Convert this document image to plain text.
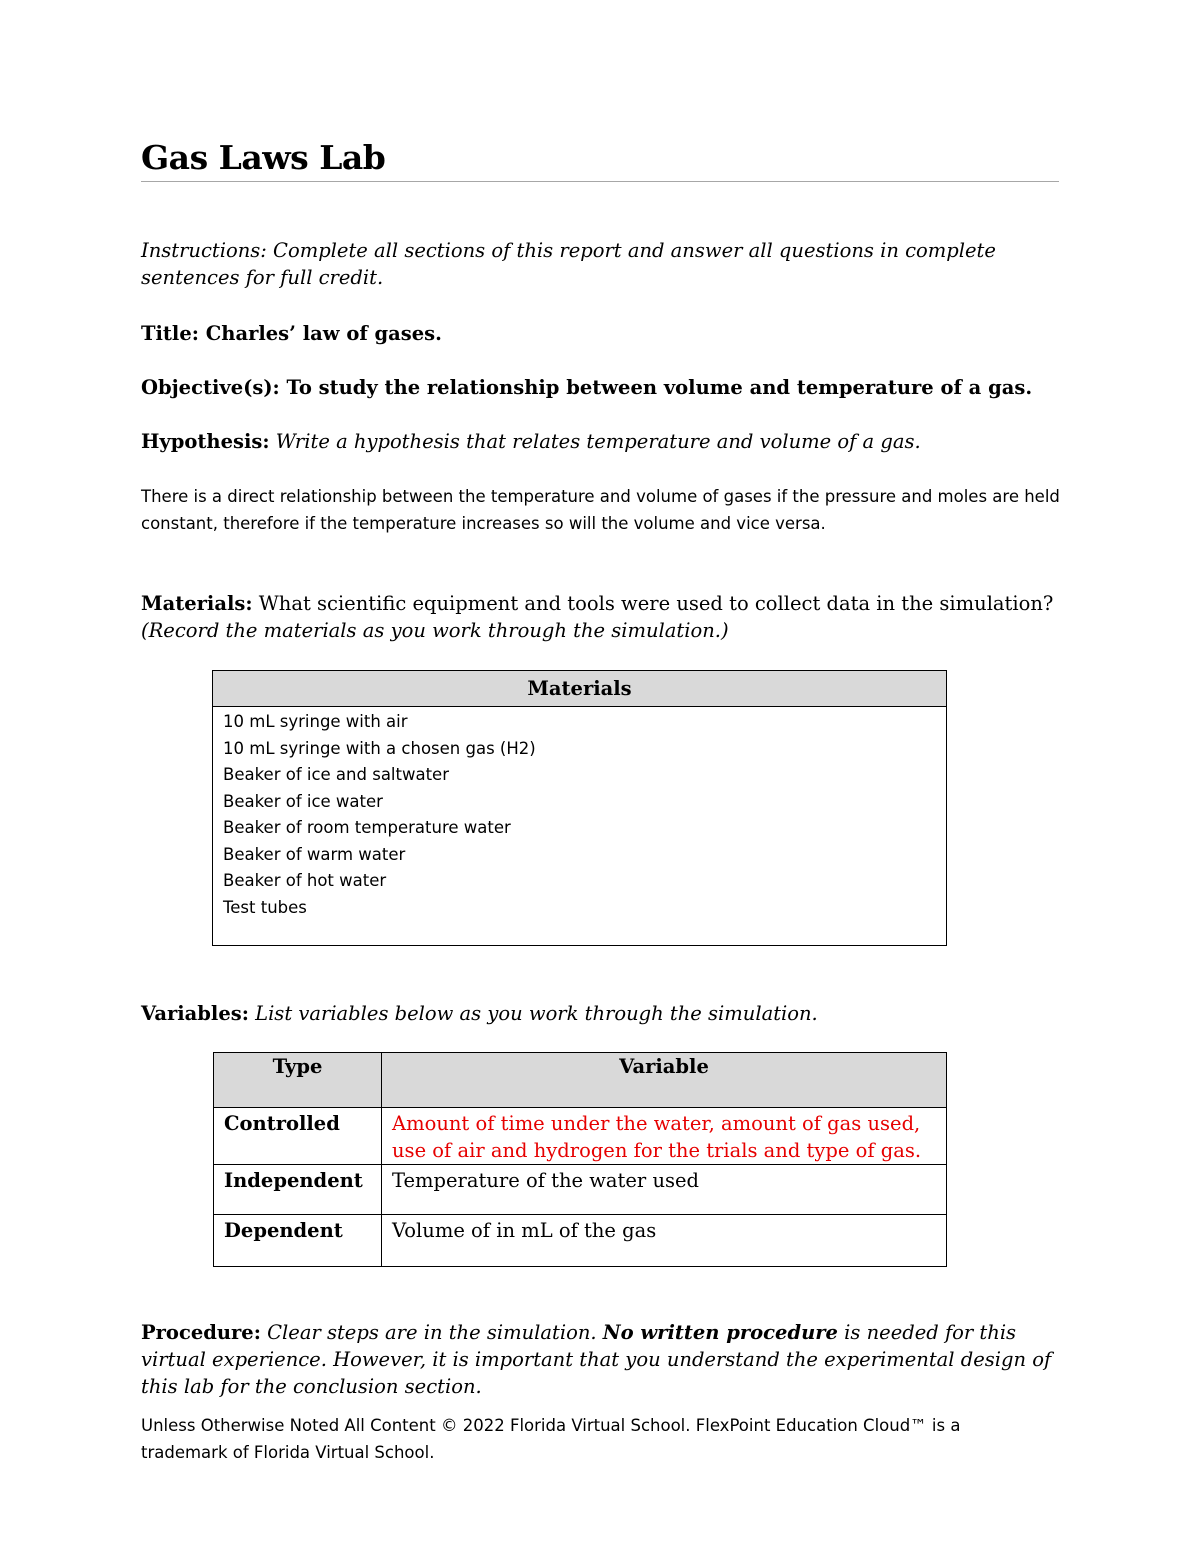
Gas Laws Lab
Instructions: Complete all sections of this report and answer all questions in complete sentences for full credit.
Title: Charles’ law of gases.
Objective(s): To study the relationship between volume and temperature of a gas.
Hypothesis: Write a hypothesis that relates temperature and volume of a gas.
There is a direct relationship between the temperature and volume of gases if the pressure and moles are held constant, therefore if the temperature increases so will the volume and vice versa.
Materials: What scientific equipment and tools were used to collect data in the simulation?
(Record the materials as you work through the simulation.)
Materials

10 mL syringe with air
10 mL syringe with a chosen gas (H2)
Beaker of ice and saltwater
Beaker of ice water
Beaker of room temperature water
Beaker of warm water
Beaker of hot water
Test tubes
Variables: List variables below as you work through the simulation.
Type	Variable
Controlled	Amount of time under the water, amount of gas used, use of air and hydrogen for the trials and type of gas.
Independent	Temperature of the water used
Dependent	Volume of in mL of the gas
Procedure: Clear steps are in the simulation. No written procedure is needed for this virtual experience. However, it is important that you understand the experimental design of this lab for the conclusion section.
Unless Otherwise Noted All Content © 2022 Florida Virtual School. FlexPoint Education Cloud™ is a trademark of Florida Virtual School.
